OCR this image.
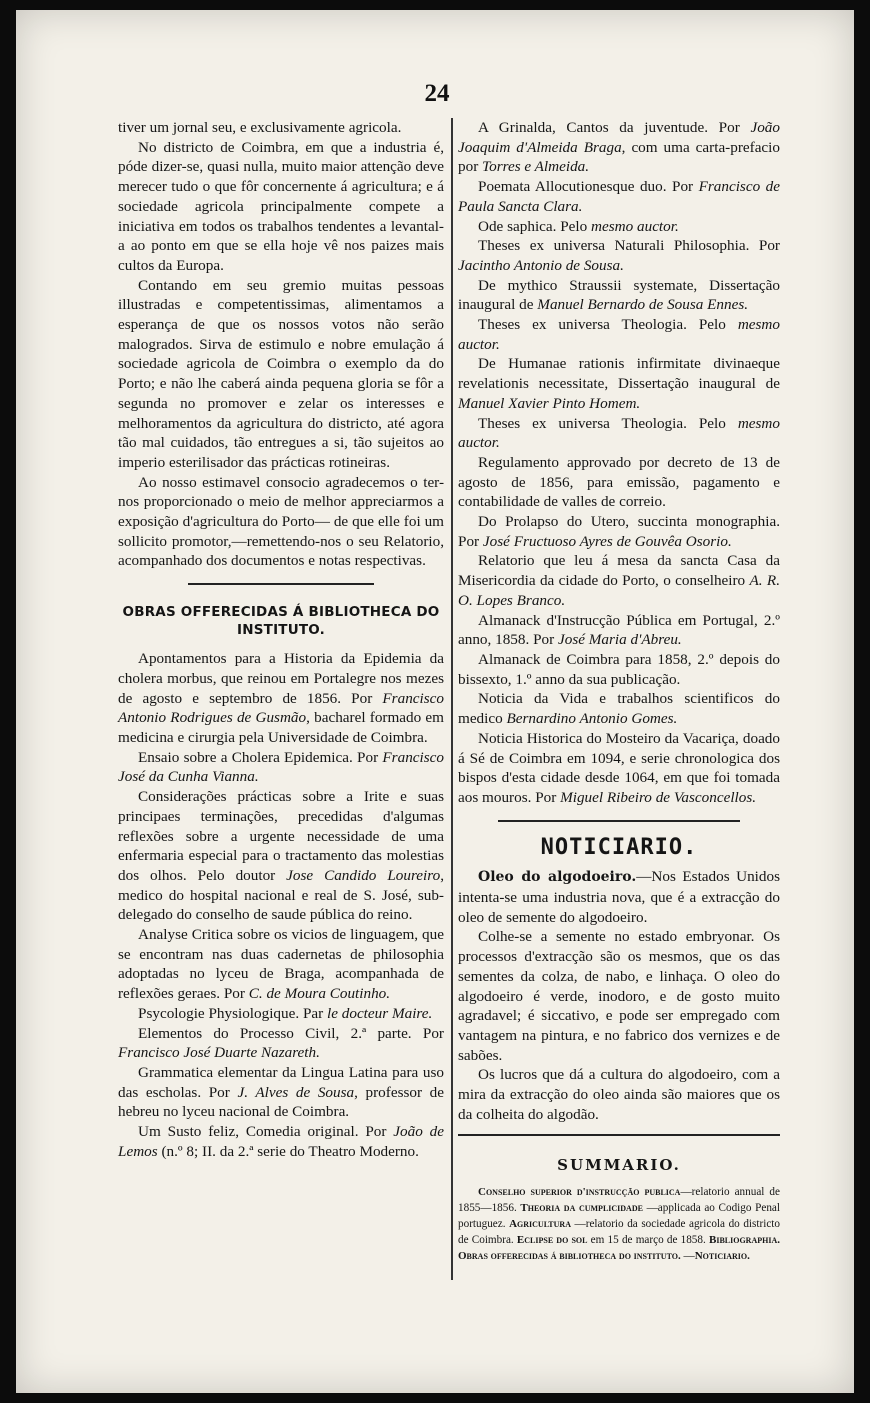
24

tiver um jornal seu, e exclusivamente agricola.

No districto de Coimbra, em que a industria é, póde dizer-se, quasi nulla, muito maior attenção deve merecer tudo o que fôr concernente á agricultura; e á sociedade agricola principalmente compete a iniciativa em todos os trabalhos tendentes a levantal-a ao ponto em que se ella hoje vê nos paizes mais cultos da Europa.

Contando em seu gremio muitas pessoas illustradas e competentissimas, alimentamos a esperança de que os nossos votos não serão malogrados. Sirva de estimulo e nobre emulação á sociedade agricola de Coimbra o exemplo da do Porto; e não lhe caberá ainda pequena gloria se fôr a segunda no promover e zelar os interesses e melhoramentos da agricultura do districto, até agora tão mal cuidados, tão entregues a si, tão sujeitos ao imperio esterilisador das prácticas rotineiras.

Ao nosso estimavel consocio agradecemos o ter-nos proporcionado o meio de melhor appreciarmos a exposição d'agricultura do Porto— de que elle foi um sollicito promotor,—remettendo-nos o seu Relatorio, acompanhado dos documentos e notas respectivas.

OBRAS OFFERECIDAS Á BIBLIOTHECA DO INSTITUTO.

Apontamentos para a Historia da Epidemia da cholera morbus, que reinou em Portalegre nos mezes de agosto e septembro de 1856. Por Francisco Antonio Rodrigues de Gusmão, bacharel formado em medicina e cirurgia pela Universidade de Coimbra.

Ensaio sobre a Cholera Epidemica. Por Francisco José da Cunha Vianna.

Considerações prácticas sobre a Irite e suas principaes terminações, precedidas d'algumas reflexões sobre a urgente necessidade de uma enfermaria especial para o tractamento das molestias dos olhos. Pelo doutor Jose Candido Loureiro, medico do hospital nacional e real de S. José, sub-delegado do conselho de saude pública do reino.

Analyse Critica sobre os vicios de linguagem, que se encontram nas duas cadernetas de philosophia adoptadas no lyceu de Braga, acompanhada de reflexões geraes. Por C. de Moura Coutinho.

Psycologie Physiologique. Par le docteur Maire.

Elementos do Processo Civil, 2.ª parte. Por Francisco José Duarte Nazareth.

Grammatica elementar da Lingua Latina para uso das escholas. Por J. Alves de Sousa, professor de hebreu no lyceu nacional de Coimbra.

Um Susto feliz, Comedia original. Por João de Lemos (n.º 8; II. da 2.ª serie do Theatro Moderno.

A Grinalda, Cantos da juventude. Por João Joaquim d'Almeida Braga, com uma carta-prefacio por Torres e Almeida.

Poemata Allocutionesque duo. Por Francisco de Paula Sancta Clara.

Ode saphica. Pelo mesmo auctor.

Theses ex universa Naturali Philosophia. Por Jacintho Antonio de Sousa.

De mythico Straussii systemate, Dissertação inaugural de Manuel Bernardo de Sousa Ennes.

Theses ex universa Theologia. Pelo mesmo auctor.

De Humanae rationis infirmitate divinaeque revelationis necessitate, Dissertação inaugural de Manuel Xavier Pinto Homem.

Theses ex universa Theologia. Pelo mesmo auctor.

Regulamento approvado por decreto de 13 de agosto de 1856, para emissão, pagamento e contabilidade de valles de correio.

Do Prolapso do Utero, succinta monographia. Por José Fructuoso Ayres de Gouvêa Osorio.

Relatorio que leu á mesa da sancta Casa da Misericordia da cidade do Porto, o conselheiro A. R. O. Lopes Branco.

Almanack d'Instrucção Pública em Portugal, 2.º anno, 1858. Por José Maria d'Abreu.

Almanack de Coimbra para 1858, 2.º depois do bissexto, 1.º anno da sua publicação.

Noticia da Vida e trabalhos scientificos do medico Bernardino Antonio Gomes.

Noticia Historica do Mosteiro da Vacariça, doado á Sé de Coimbra em 1094, e serie chronologica dos bispos d'esta cidade desde 1064, em que foi tomada aos mouros. Por Miguel Ribeiro de Vasconcellos.

NOTICIARIO.

Oleo do algodoeiro.—Nos Estados Unidos intenta-se uma industria nova, que é a extracção do oleo de semente do algodoeiro.

Colhe-se a semente no estado embryonar. Os processos d'extracção são os mesmos, que os das sementes da colza, de nabo, e linhaça. O oleo do algodoeiro é verde, inodoro, e de gosto muito agradavel; é siccativo, e pode ser empregado com vantagem na pintura, e no fabrico dos vernizes e de sabões.

Os lucros que dá a cultura do algodoeiro, com a mira da extracção do oleo ainda são maiores que os da colheita do algodão.

SUMMARIO.

Conselho superior d'instrucção publica—relatorio annual de 1855—1856. Theoria da cumplicidade —applicada ao Codigo Penal portuguez. Agricultura —relatorio da sociedade agricola do districto de Coimbra. Eclipse do sol em 15 de março de 1858. Bibliographia. Obras offerecidas á bibliotheca do instituto. —Noticiario.
